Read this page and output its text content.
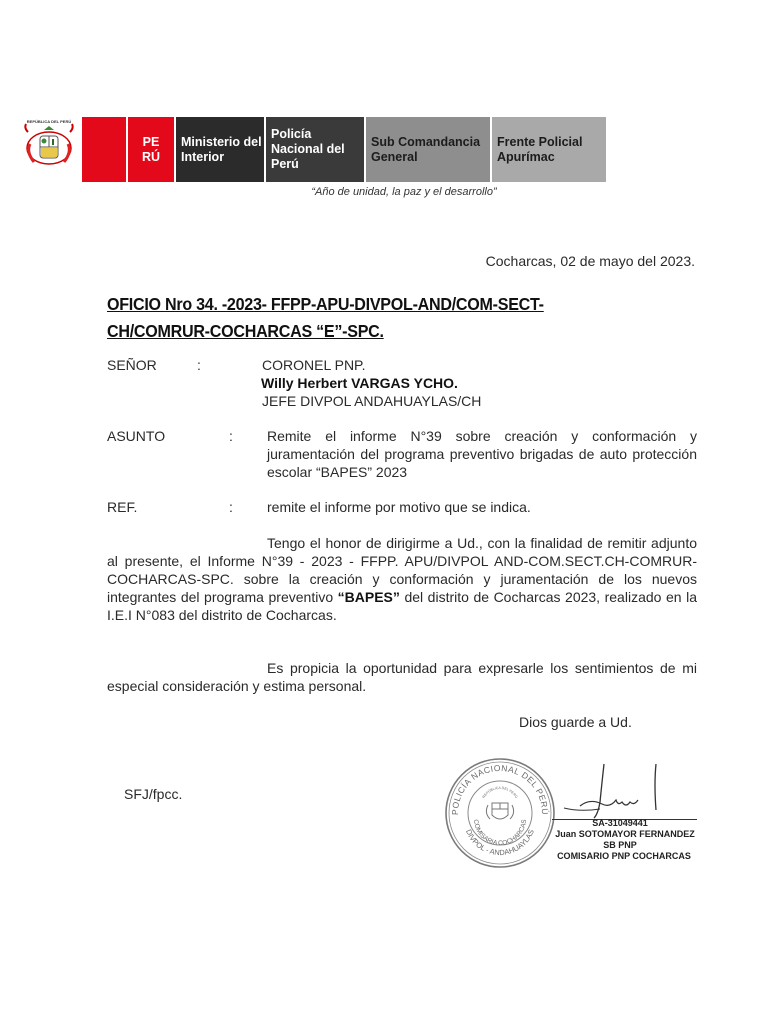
REPÚBLICA DEL PERÚ
PERÚ
Ministerio del Interior
Policía Nacional del Perú
Sub Comandancia General
Frente Policial Apurímac
“Año de unidad, la paz y el desarrollo”
Cocharcas, 02 de mayo del 2023.
OFICIO Nro 34. -2023- FFPP-APU-DIVPOL-AND/COM-SECT-CH/COMRUR-COCHARCAS “E”-SPC.
SEÑOR	:	CORONEL PNP.
Willy Herbert VARGAS YCHO.
JEFE DIVPOL ANDAHUAYLAS/CH
ASUNTO	: Remite el informe N°39 sobre creación y conformación y juramentación del programa preventivo brigadas de auto protección escolar “BAPES” 2023
REF.	: remite el informe por motivo que se indica.
Tengo el honor de dirigirme a Ud., con la finalidad de remitir adjunto al presente, el Informe N°39 - 2023 - FFPP. APU/DIVPOL AND-COM.SECT.CH-COMRUR-COCHARCAS-SPC. sobre la creación y conformación y juramentación de los nuevos integrantes del programa preventivo “BAPES” del distrito de Cocharcas 2023, realizado en la I.E.I N°083 del distrito de Cocharcas.
Es propicia la oportunidad para expresarle los sentimientos de mi especial consideración y estima personal.
Dios guarde a Ud.
SFJ/fpcc.
POLICÍA NACIONAL DEL PERÚ
DIVPOL - ANDAHUAYLAS
COMISARIA COCHARCAS
REPÚBLICA DEL PERÚ
SA-31049441
Juan SOTOMAYOR FERNANDEZ
SB PNP
COMISARIO PNP COCHARCAS
